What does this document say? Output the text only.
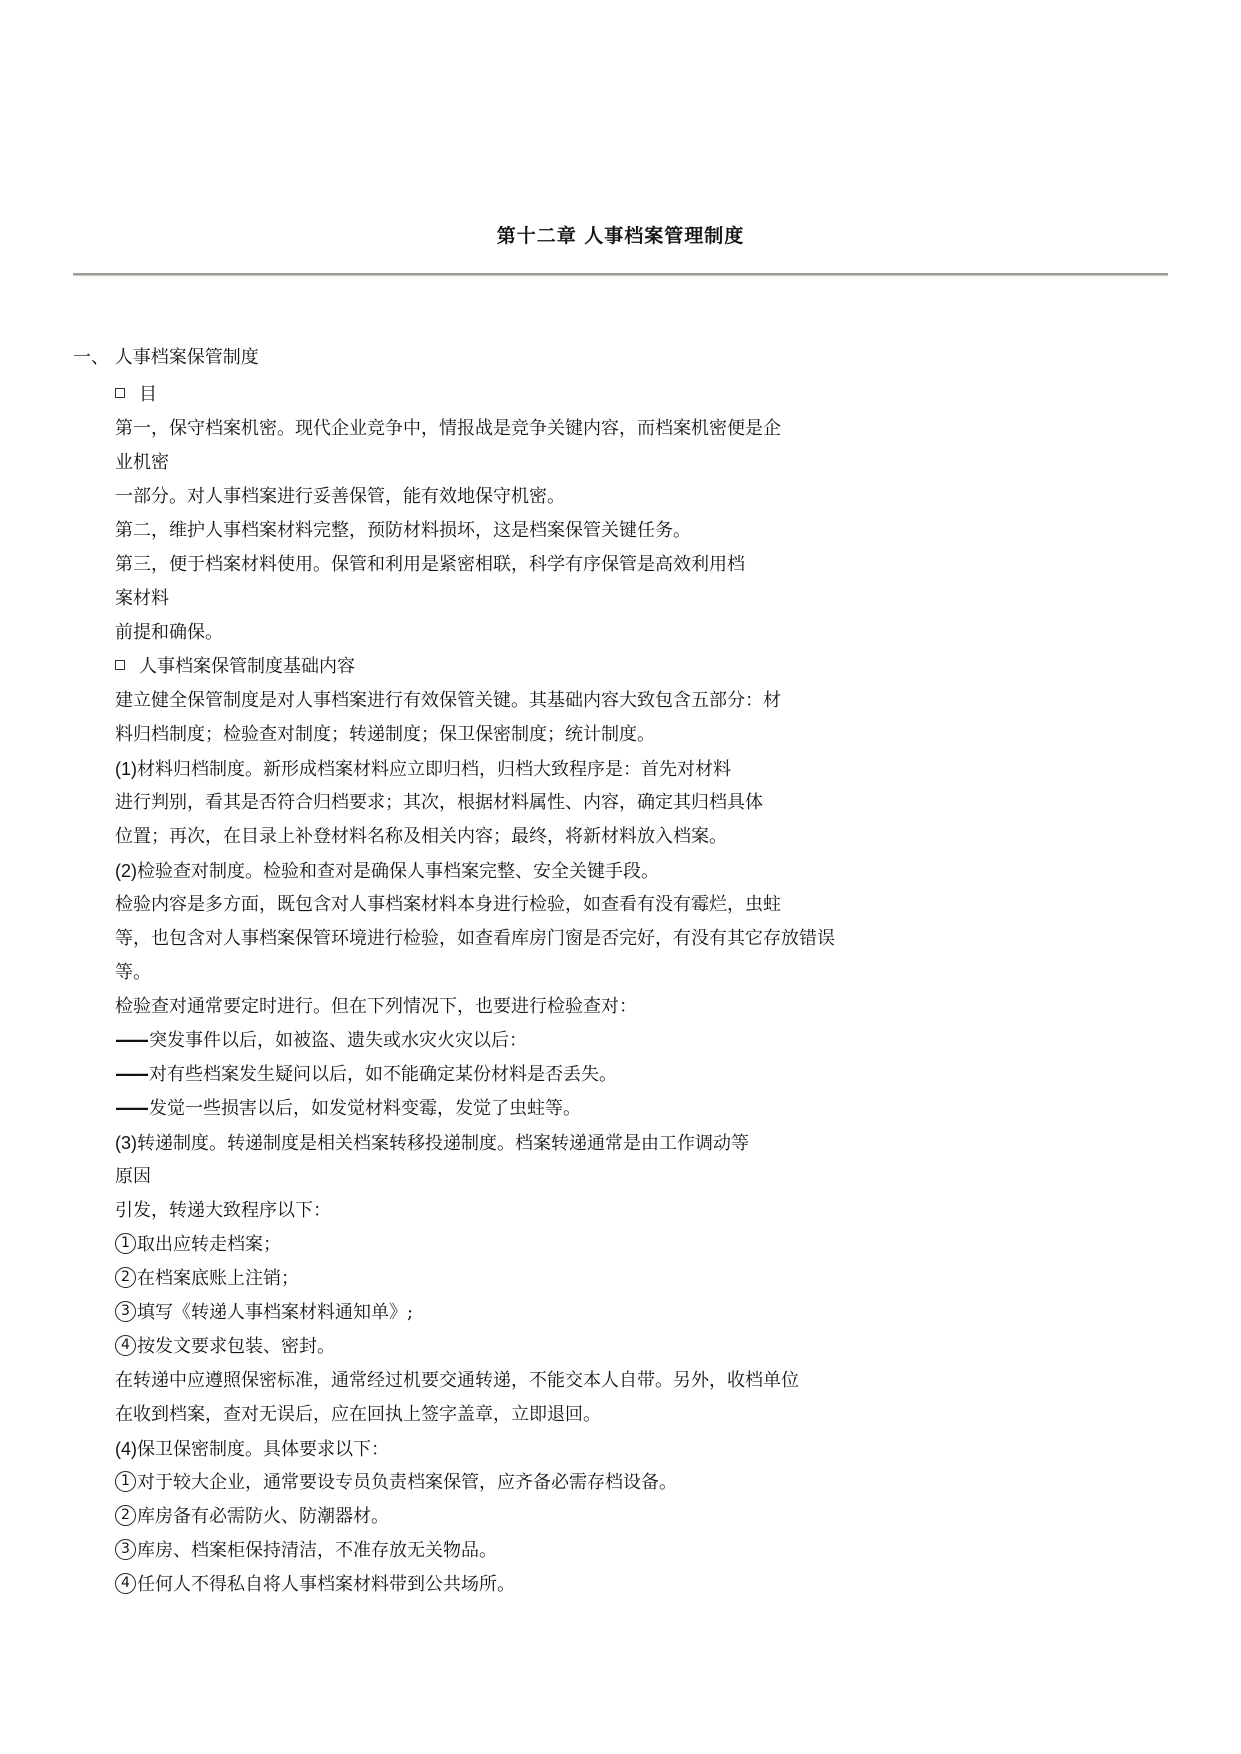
第十二章 人事档案管理制度
一、 人事档案保管制度
目
第一，保守档案机密。现代企业竞争中，情报战是竞争关键内容，而档案机密便是企
业机密
一部分。对人事档案进行妥善保管，能有效地保守机密。
第二，维护人事档案材料完整，预防材料损坏，这是档案保管关键任务。
第三，便于档案材料使用。保管和利用是紧密相联，科学有序保管是高效利用档
案材料
前提和确保。
人事档案保管制度基础内容
建立健全保管制度是对人事档案进行有效保管关键。其基础内容大致包含五部分：材
料归档制度；检验查对制度；转递制度；保卫保密制度；统计制度。
(1)材料归档制度。新形成档案材料应立即归档，归档大致程序是：首先对材料
进行判别，看其是否符合归档要求；其次，根据材料属性、内容，确定其归档具体
位置；再次，在目录上补登材料名称及相关内容；最终，将新材料放入档案。
(2)检验查对制度。检验和查对是确保人事档案完整、安全关键手段。
检验内容是多方面，既包含对人事档案材料本身进行检验，如查看有没有霉烂，虫蛀
等，也包含对人事档案保管环境进行检验，如查看库房门窗是否完好，有没有其它存放错误
等。
检验查对通常要定时进行。但在下列情况下，也要进行检验查对：
—— 突发事件以后，如被盗、遗失或水灾火灾以后：
—— 对有些档案发生疑问以后，如不能确定某份材料是否丢失。
—— 发觉一些损害以后，如发觉材料变霉，发觉了虫蛀等。
(3)转递制度。转递制度是相关档案转移投递制度。档案转递通常是由工作调动等
原因
引发，转递大致程序以下：
1 取出应转走档案；
2 在档案底账上注销；
3 填写《转递人事档案材料通知单》;
4 按发文要求包装、密封。
在转递中应遵照保密标准，通常经过机要交通转递，不能交本人自带。另外，收档单位
在收到档案，查对无误后，应在回执上签字盖章，立即退回。
(4)保卫保密制度。具体要求以下：
1 对于较大企业，通常要设专员负责档案保管，应齐备必需存档设备。
2 库房备有必需防火、防潮器材。
3 库房、档案柜保持清洁，不准存放无关物品。
4 任何人不得私自将人事档案材料带到公共场所。
